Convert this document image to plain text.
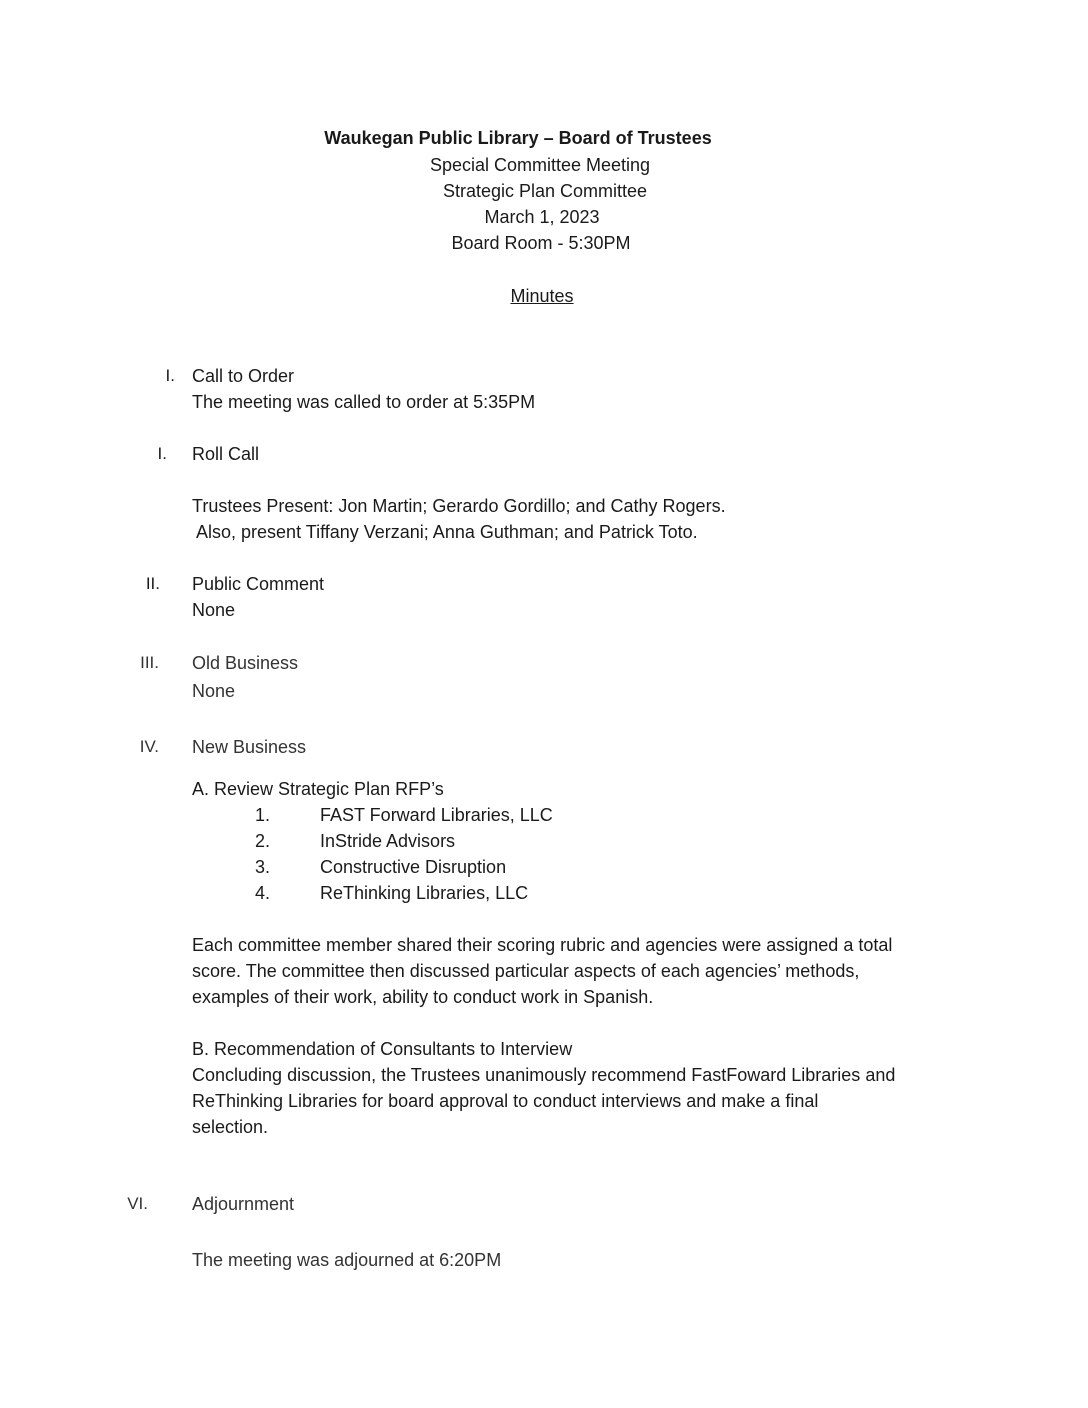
Waukegan Public Library – Board of Trustees
Special Committee Meeting
Strategic Plan Committee
March 1, 2023
Board Room - 5:30PM
Minutes
I. Call to Order
The meeting was called to order at 5:35PM
I. Roll Call
Trustees Present: Jon Martin; Gerardo Gordillo; and Cathy Rogers.
Also, present Tiffany Verzani; Anna Guthman; and Patrick Toto.
II. Public Comment
None
III. Old Business
None
IV. New Business
A. Review Strategic Plan RFP’s
1.	FAST Forward Libraries, LLC
2.	InStride Advisors
3.	Constructive Disruption
4.	ReThinking Libraries, LLC
Each committee member shared their scoring rubric and agencies were assigned a total
score. The committee then discussed particular aspects of each agencies’ methods,
examples of their work, ability to conduct work in Spanish.
B. Recommendation of Consultants to Interview
Concluding discussion, the Trustees unanimously recommend FastFoward Libraries and
ReThinking Libraries for board approval to conduct interviews and make a final
selection.
VI. Adjournment
The meeting was adjourned at 6:20PM
